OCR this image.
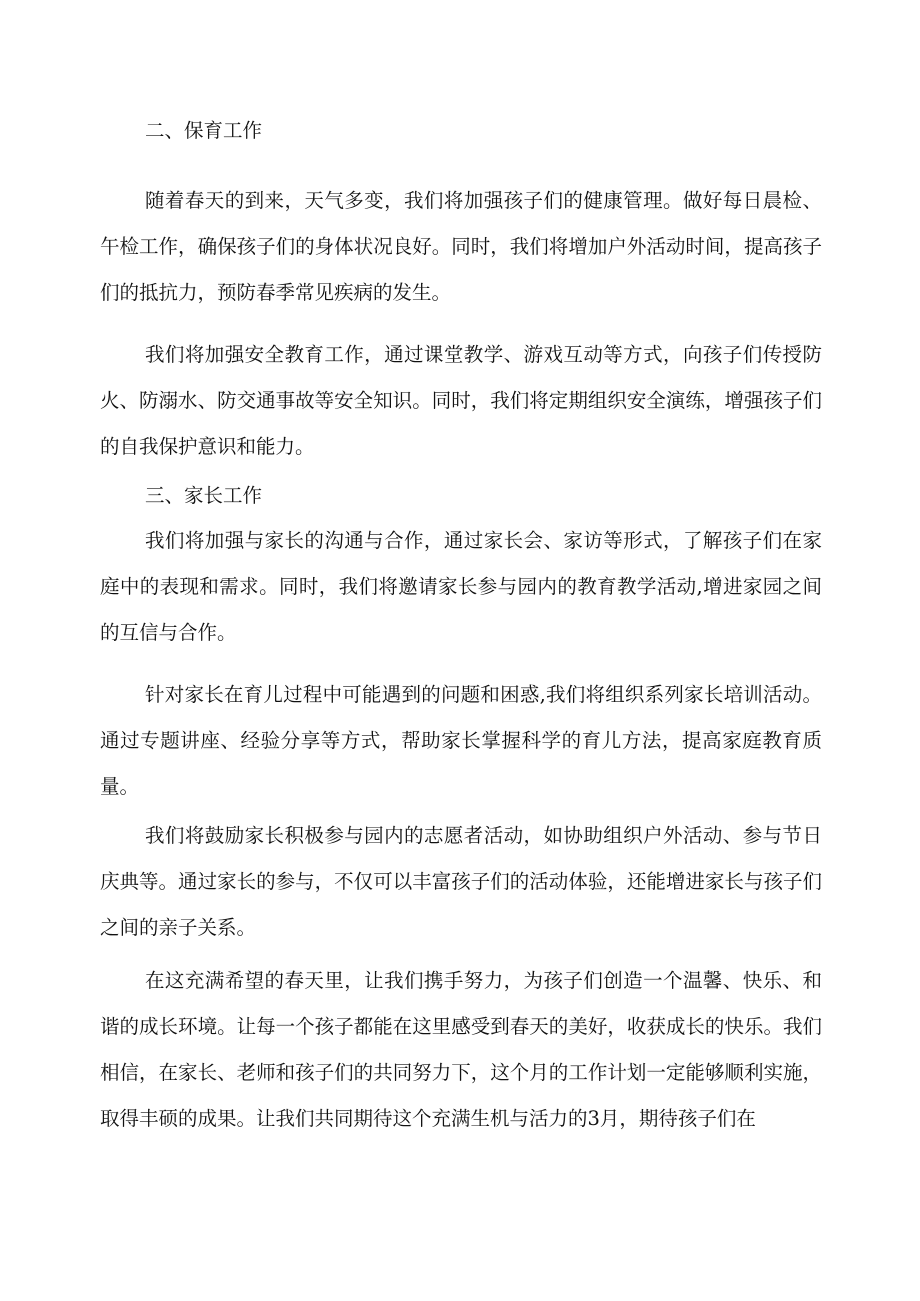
二、保育工作

随着春天的到来，天气多变，我们将加强孩子们的健康管理。做好每日晨检、午检工作，确保孩子们的身体状况良好。同时，我们将增加户外活动时间，提高孩子们的抵抗力，预防春季常见疾病的发生。

我们将加强安全教育工作，通过课堂教学、游戏互动等方式，向孩子们传授防火、防溺水、防交通事故等安全知识。同时，我们将定期组织安全演练，增强孩子们的自我保护意识和能力。

三、家长工作

我们将加强与家长的沟通与合作，通过家长会、家访等形式，了解孩子们在家庭中的表现和需求。同时，我们将邀请家长参与园内的教育教学活动,增进家园之间的互信与合作。

针对家长在育儿过程中可能遇到的问题和困惑,我们将组织系列家长培训活动。通过专题讲座、经验分享等方式，帮助家长掌握科学的育儿方法，提高家庭教育质量。

我们将鼓励家长积极参与园内的志愿者活动，如协助组织户外活动、参与节日庆典等。通过家长的参与，不仅可以丰富孩子们的活动体验，还能增进家长与孩子们之间的亲子关系。

在这充满希望的春天里，让我们携手努力，为孩子们创造一个温馨、快乐、和谐的成长环境。让每一个孩子都能在这里感受到春天的美好，收获成长的快乐。我们相信，在家长、老师和孩子们的共同努力下，这个月的工作计划一定能够顺利实施，取得丰硕的成果。让我们共同期待这个充满生机与活力的3月，期待孩子们在
